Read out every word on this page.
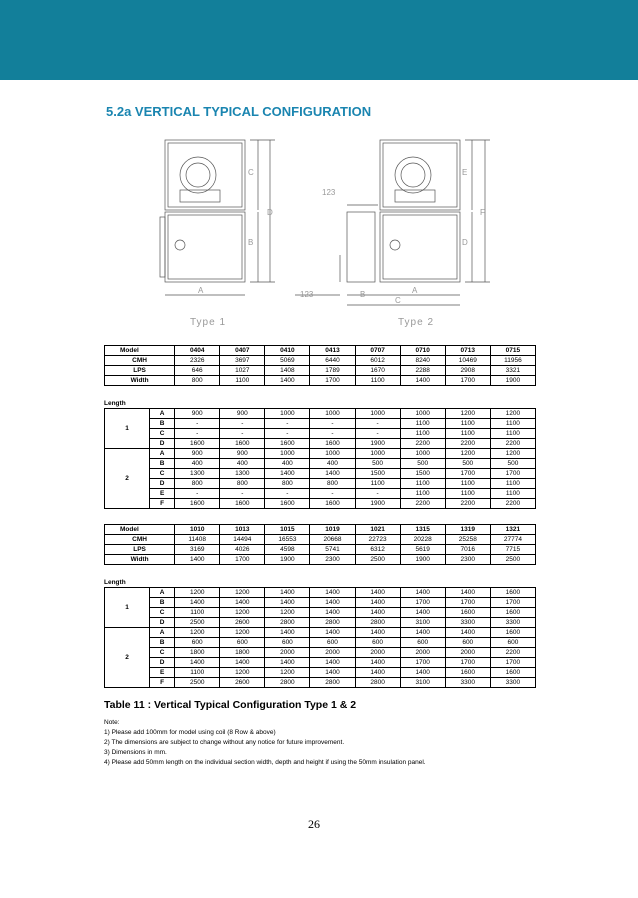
5.2a VERTICAL TYPICAL CONFIGURATION
A
B
C
D
123
123
B	A
C
D
E
F
Type 1	Type 2
Model	0404	0407	0410	0413	0707	0710	0713	0715
CMH	2326	3697	5069	6440	6012	8240	10469	11956
LPS	646	1027	1408	1789	1670	2288	2908	3321
Width	800	1100	1400	1700	1100	1400	1700	1900
Length
1	A	900	900	1000	1000	1000	1000	1200	1200
	B	-	-	-	-	-	1100	1100	1100
	C	-	-	-	-	-	1100	1100	1100
	D	1600	1600	1600	1600	1900	2200	2200	2200
2	A	900	900	1000	1000	1000	1000	1200	1200
	B	400	400	400	400	500	500	500	500
	C	1300	1300	1400	1400	1500	1500	1700	1700
	D	800	800	800	800	1100	1100	1100	1100
	E	-	-	-	-	-	1100	1100	1100
	F	1600	1600	1600	1600	1900	2200	2200	2200
Model	1010	1013	1015	1019	1021	1315	1319	1321
CMH	11408	14494	16553	20668	22723	20228	25258	27774
LPS	3169	4026	4598	5741	6312	5619	7016	7715
Width	1400	1700	1900	2300	2500	1900	2300	2500
Length
1	A	1200	1200	1400	1400	1400	1400	1400	1600
	B	1400	1400	1400	1400	1400	1700	1700	1700
	C	1100	1200	1200	1400	1400	1400	1600	1600
	D	2500	2600	2800	2800	2800	3100	3300	3300
2	A	1200	1200	1400	1400	1400	1400	1400	1600
	B	600	600	600	600	600	600	600	600
	C	1800	1800	2000	2000	2000	2000	2000	2200
	D	1400	1400	1400	1400	1400	1700	1700	1700
	E	1100	1200	1200	1400	1400	1400	1600	1600
	F	2500	2600	2800	2800	2800	3100	3300	3300
Table 11 : Vertical Typical Configuration Type 1 & 2
Note:
1) Please add 100mm for model using coil (8 Row & above)
2) The dimensions are subject to change without any notice for future improvement.
3) Dimensions in mm.
4) Please add 50mm length on the individual section width, depth and height if using the 50mm insulation panel.
26
